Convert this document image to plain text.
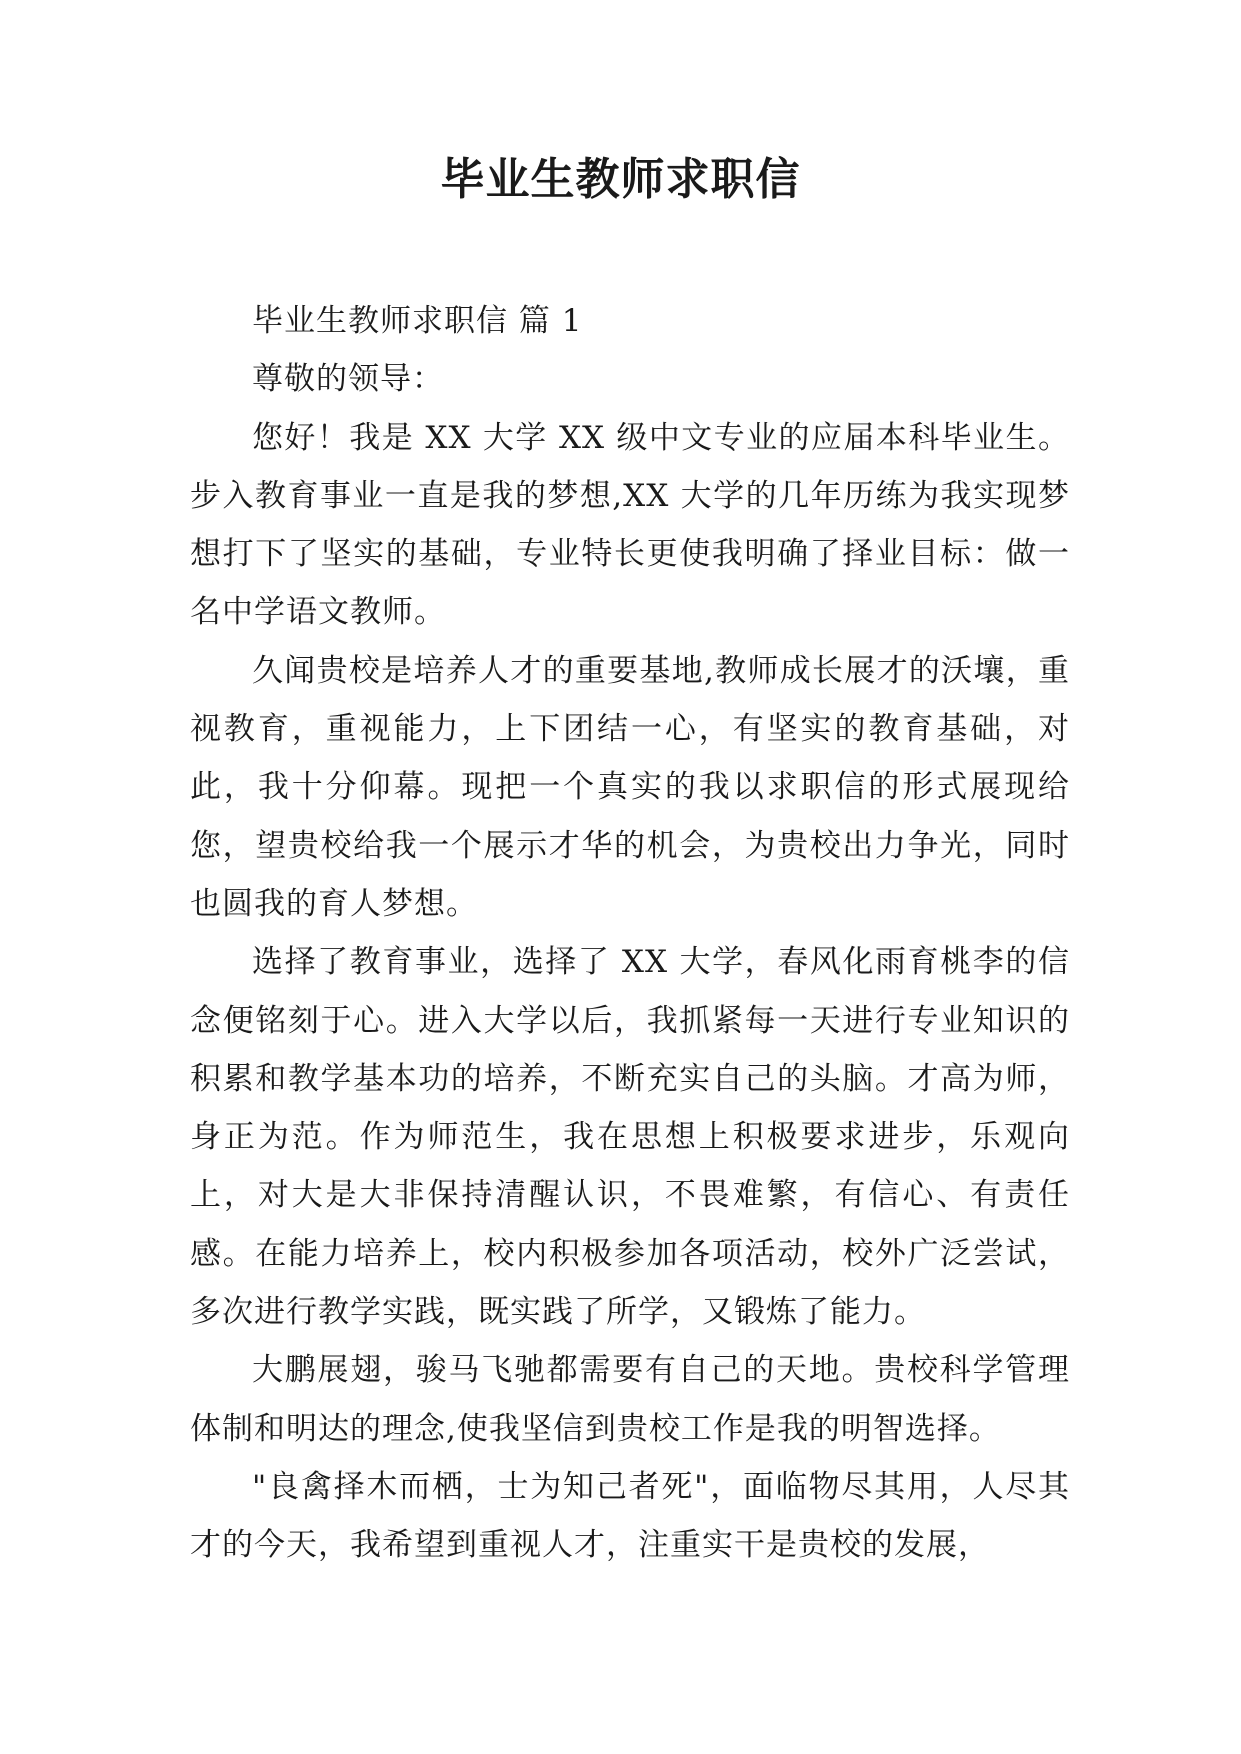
毕业生教师求职信

毕业生教师求职信 篇 1

尊敬的领导：

您好！我是 XX 大学 XX 级中文专业的应届本科毕业生。步入教育事业一直是我的梦想,XX 大学的几年历练为我实现梦想打下了坚实的基础，专业特长更使我明确了择业目标：做一名中学语文教师。

久闻贵校是培养人才的重要基地,教师成长展才的沃壤，重视教育，重视能力，上下团结一心，有坚实的教育基础，对此，我十分仰幕。现把一个真实的我以求职信的形式展现给您，望贵校给我一个展示才华的机会，为贵校出力争光，同时也圆我的育人梦想。

选择了教育事业，选择了 XX 大学，春风化雨育桃李的信念便铭刻于心。进入大学以后，我抓紧每一天进行专业知识的积累和教学基本功的培养，不断充实自己的头脑。才高为师，身正为范。作为师范生，我在思想上积极要求进步，乐观向上，对大是大非保持清醒认识，不畏难繁，有信心、有责任感。在能力培养上，校内积极参加各项活动，校外广泛尝试，多次进行教学实践，既实践了所学，又锻炼了能力。

大鹏展翅，骏马飞驰都需要有自己的天地。贵校科学管理体制和明达的理念,使我坚信到贵校工作是我的明智选择。

"良禽择木而栖，士为知己者死"，面临物尽其用，人尽其才的今天，我希望到重视人才，注重实干是贵校的发展，
